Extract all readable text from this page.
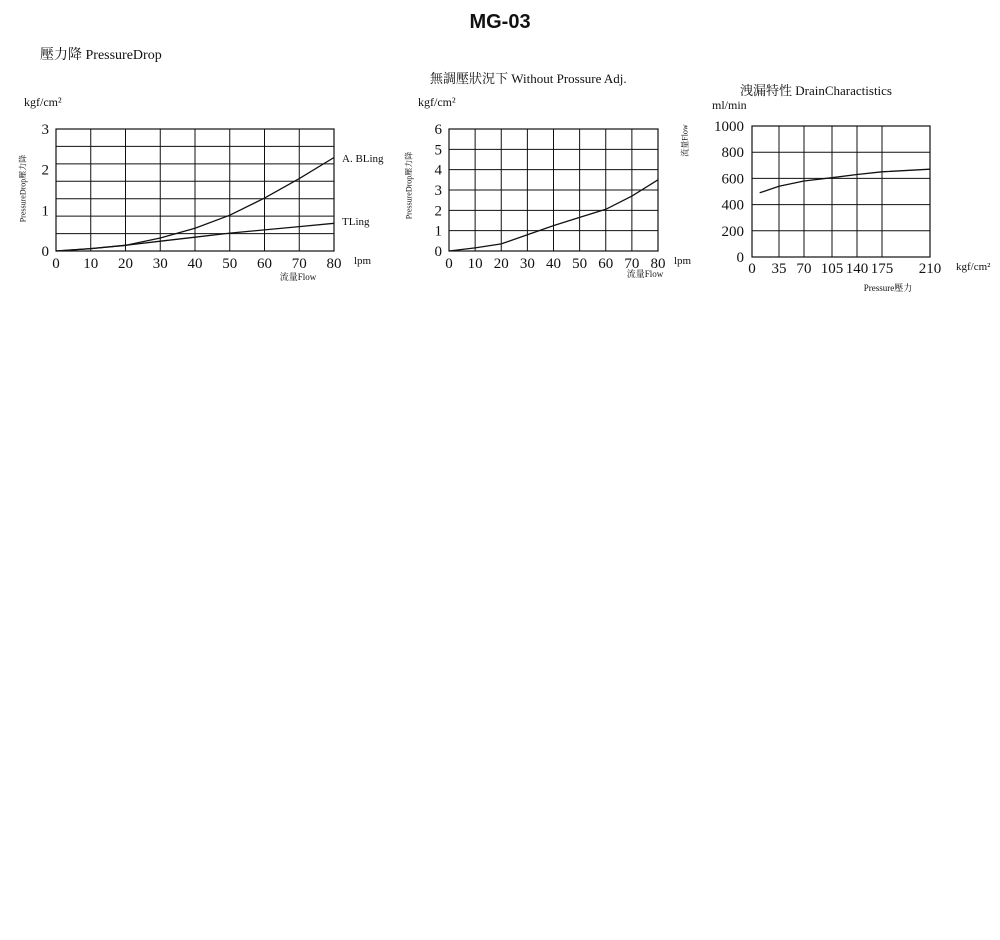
MG-03
壓力降 PressureDrop
kgf/cm²
PressureDrop壓力降
0 10 20 30 40 50 60 70 80
0
1
2
3
lpm
流量Flow
A. BLing
TLing
0 10 20 30 40 50 60 70 80
0
1
2
3
4
5
6
lpm
流量Flow	0 35 70 105 140 175 210
0
200
400
600
800
1000
kgf/cm²
Pressure壓力
無調壓狀況下 Without Prossure Adj.
kgf/cm²
PressureDrop壓力降
洩漏特性 DrainCharactistics
ml/min
流量Flow
